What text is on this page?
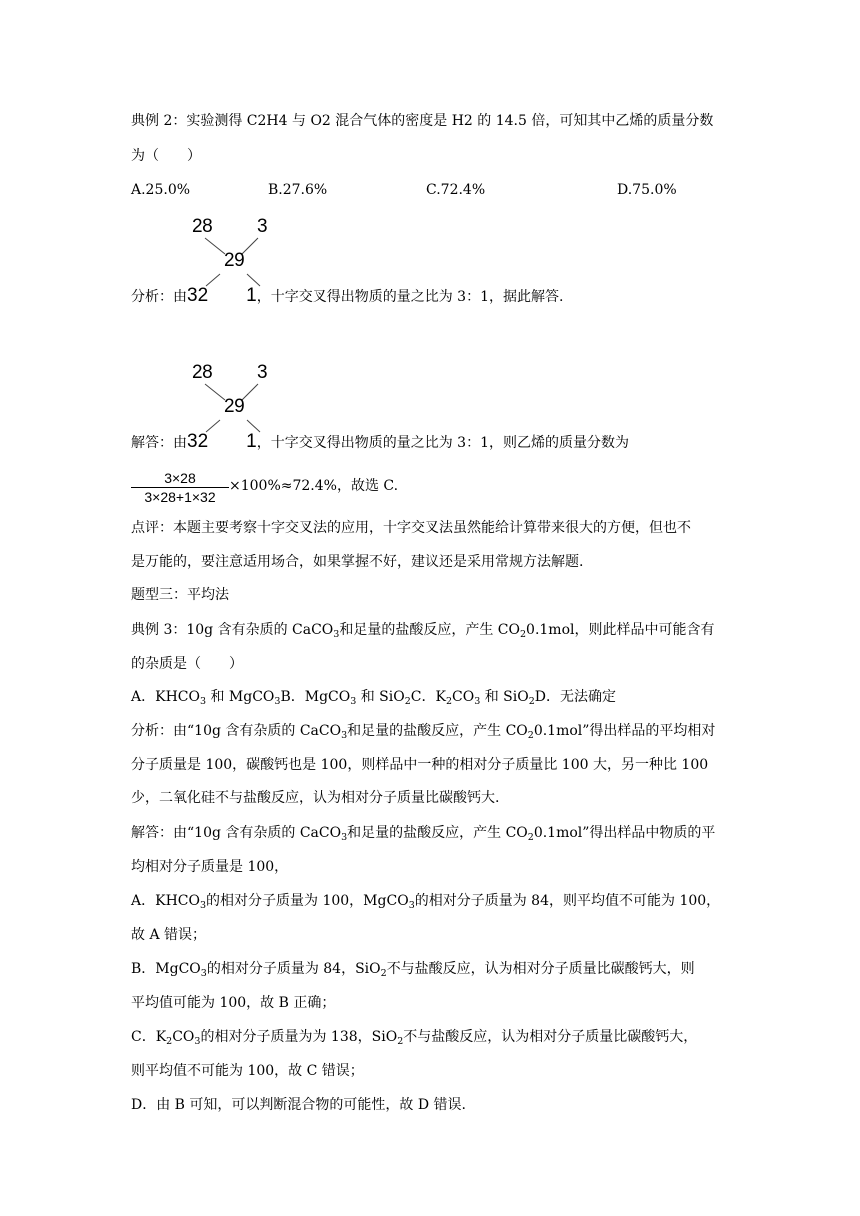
典例 2：实验测得 C2H4 与 O2 混合气体的密度是 H2 的 14.5 倍，可知其中乙烯的质量分数
为（　　）
A.25.0%	B.27.6%	C.72.4%	D.75.0%
28 3
29
分析：由32 1，十字交叉得出物质的量之比为 3：1，据此解答.
28 3
29
解答：由32 1，十字交叉得出物质的量之比为 3：1，则乙烯的质量分数为
3×28
3×28+1×32
×100%≈72.4%，故选 C.
点评：本题主要考察十字交叉法的应用，十字交叉法虽然能给计算带来很大的方便，但也不
是万能的，要注意适用场合，如果掌握不好，建议还是采用常规方法解题.
题型三：平均法
典例 3：10g 含有杂质的 CaCO$_3$和足量的盐酸反应，产生 $CO_20.1mol$，则此样品中可能含有
的杂质是（　　）
A．$KHCO_3$ 和 MgCO$_3$B．MgCO$_3$ 和 SiO$_2$C．$K_2CO_3$ 和 SiO$_2$D．无法确定
分析：由“10g 含有杂质的 CaCO$_3$和足量的盐酸反应，产生 $CO_20.1mol$”得出样品的平均相对
分子质量是 100，碳酸钙也是 100，则样品中一种的相对分子质量比 100 大，另一种比 100
少，二氧化硅不与盐酸反应，认为相对分子质量比碳酸钙大.
解答：由“10g 含有杂质的 CaCO$_3$和足量的盐酸反应，产生 $CO_20.1mol$”得出样品中物质的平
均相对分子质量是 100，
A．$KHCO_3$的相对分子质量为 100，MgCO$_3$的相对分子质量为 84，则平均值不可能为 100，
故 A 错误；
B．MgCO$_3$的相对分子质量为 84，SiO$_2$不与盐酸反应，认为相对分子质量比碳酸钙大，则
平均值可能为 100，故 B 正确；
C．$K_2CO_3$的相对分子质量为为 138，SiO$_2$不与盐酸反应，认为相对分子质量比碳酸钙大，
则平均值不可能为 100，故 C 错误；
D．由 B 可知，可以判断混合物的可能性，故 D 错误.
